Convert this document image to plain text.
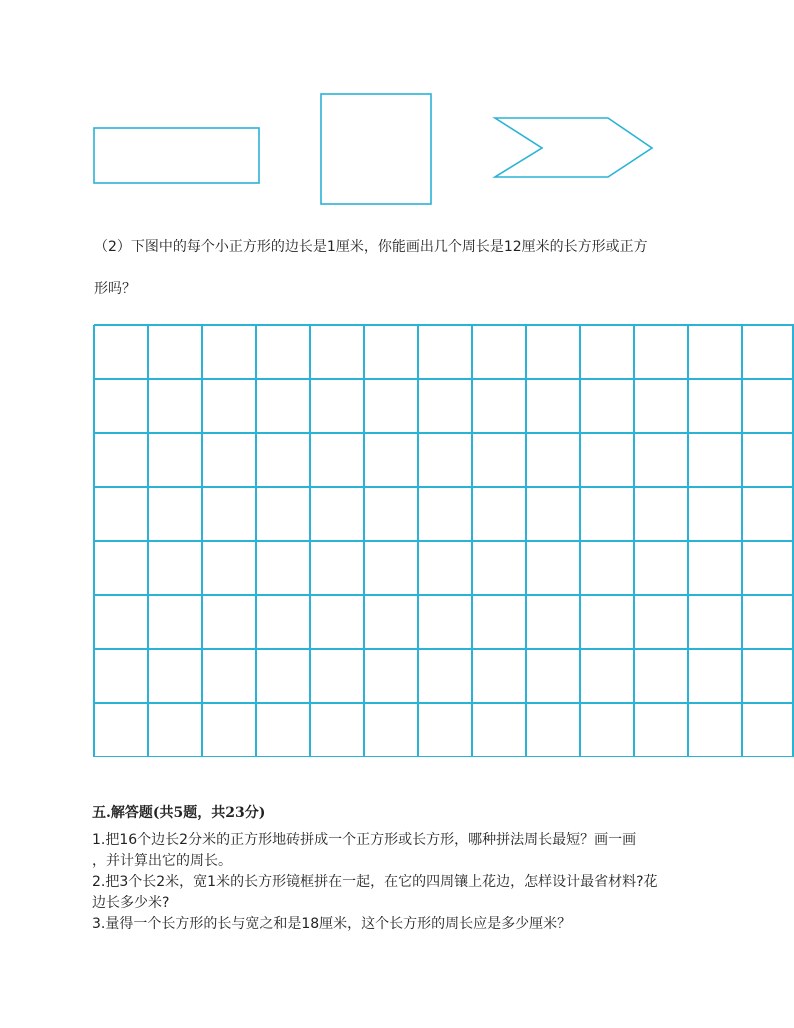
（2）下图中的每个小正方形的边长是1厘米，你能画出几个周长是12厘米的长方形或正方
形吗？
五.解答题(共5题，共23分)
1.把16个边长2分米的正方形地砖拼成一个正方形或长方形，哪种拼法周长最短？画一画
，并计算出它的周长。
2.把3个长2米，宽1米的长方形镜框拼在一起，在它的四周镶上花边，怎样设计最省材料?花
边长多少米?
3.量得一个长方形的长与宽之和是18厘米，这个长方形的周长应是多少厘米？
